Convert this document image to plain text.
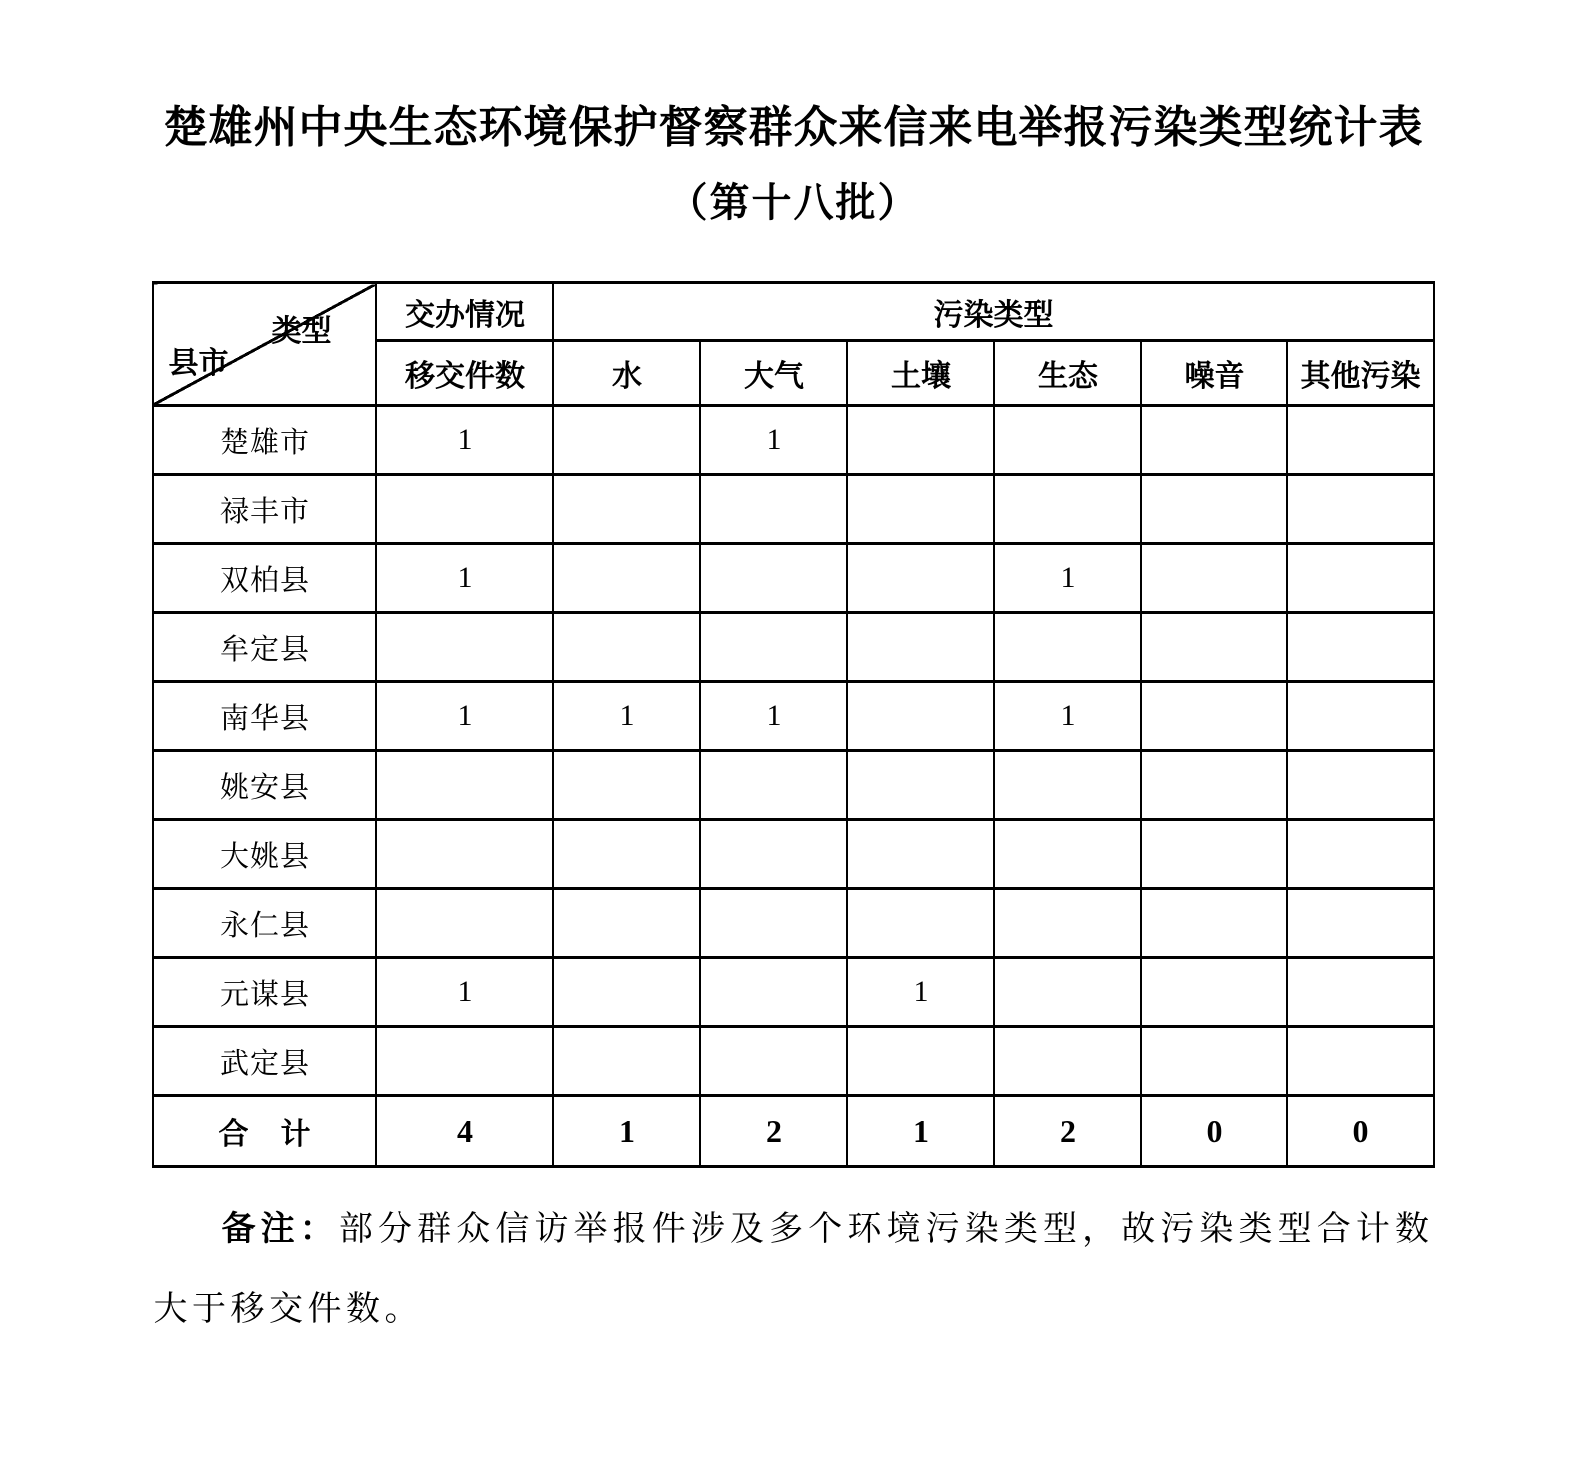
楚雄州中央生态环境保护督察群众来信来电举报污染类型统计表
（第十八批）
类型
县市	交办情况	污染类型					
	移交件数	水	大气	土壤	生态	噪音	其他污染
楚雄市	1		1				
禄丰市							
双柏县	1				1		
牟定县							
南华县	1	1	1		1		
姚安县							
大姚县							
永仁县							
元谋县	1			1			
武定县							
合　计	4	1	2	1	2	0	0

备注：部分群众信访举报件涉及多个环境污染类型，故污染类型合计数大于移交件数。
